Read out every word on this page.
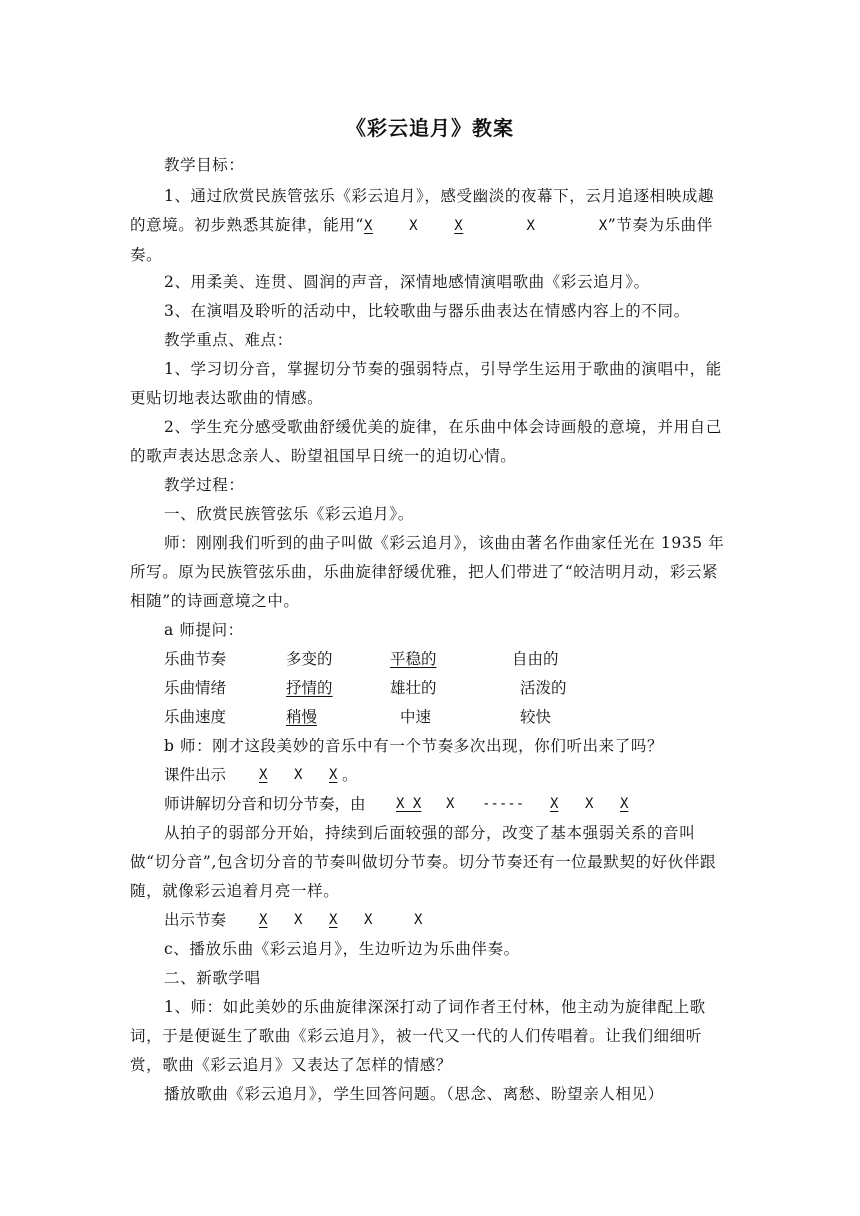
《彩云追月》教案
教学目标：
1、通过欣赏民族管弦乐《彩云追月》，感受幽淡的夜幕下，云月追逐相映成趣的意境。初步熟悉其旋律，能用“X	X	X	X	X”节奏为乐曲伴奏。
2、用柔美、连贯、圆润的声音，深情地感情演唱歌曲《彩云追月》。
3、在演唱及聆听的活动中，比较歌曲与器乐曲表达在情感内容上的不同。
教学重点、难点：
1、学习切分音，掌握切分节奏的强弱特点，引导学生运用于歌曲的演唱中，能更贴切地表达歌曲的情感。
2、学生充分感受歌曲舒缓优美的旋律，在乐曲中体会诗画般的意境，并用自己的歌声表达思念亲人、盼望祖国早日统一的迫切心情。
教学过程：
一、欣赏民族管弦乐《彩云追月》。
师：刚刚我们听到的曲子叫做《彩云追月》，该曲由著名作曲家任光在 1935 年所写。原为民族管弦乐曲，乐曲旋律舒缓优雅，把人们带进了“皎洁明月动，彩云紧相随”的诗画意境之中。
a 师提问：
乐曲节奏	多变的	平稳的	自由的
乐曲情绪	抒情的	雄壮的	活泼的
乐曲速度	稍慢	中速	较快
b 师：刚才这段美妙的音乐中有一个节奏多次出现，你们听出来了吗？
课件出示 X X X 。
师讲解切分音和切分节奏，由 X X X ----- X X X
从拍子的弱部分开始，持续到后面较强的部分，改变了基本强弱关系的音叫做“切分音”,包含切分音的节奏叫做切分节奏。切分节奏还有一位最默契的好伙伴跟随，就像彩云追着月亮一样。
出示节奏 X X X X	X
c、播放乐曲《彩云追月》，生边听边为乐曲伴奏。
二、新歌学唱
1、师：如此美妙的乐曲旋律深深打动了词作者王付林，他主动为旋律配上歌词，于是便诞生了歌曲《彩云追月》，被一代又一代的人们传唱着。让我们细细听赏，歌曲《彩云追月》又表达了怎样的情感？
播放歌曲《彩云追月》，学生回答问题。（思念、离愁、盼望亲人相见）
